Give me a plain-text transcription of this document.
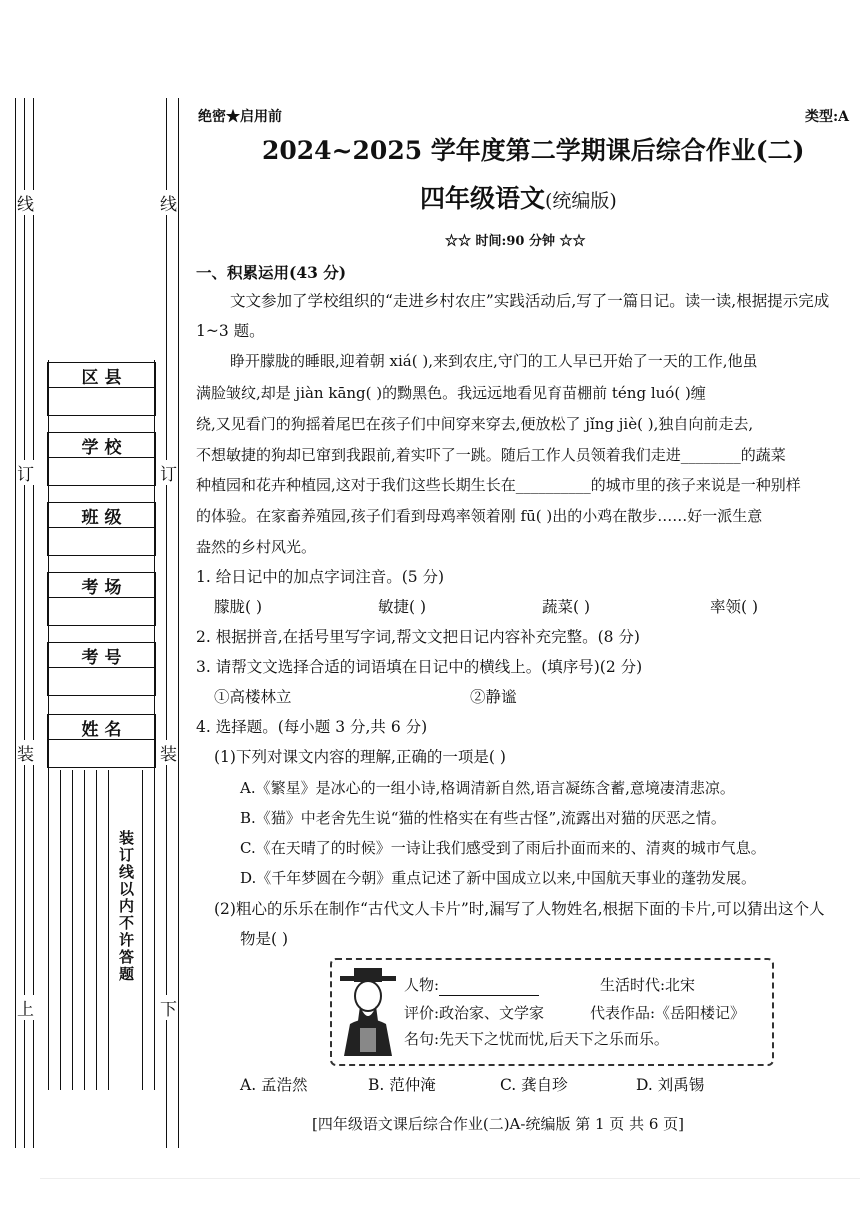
线	线
订	订
装	装
上	下
区 县
学 校
班 级
考 场
考 号
姓 名
装订线以内不许答题
绝密★启用前	类型:A
2024~2025 学年度第二学期课后综合作业(二)
四年级语文(统编版)
☆☆ 时间:90 分钟 ☆☆
一、积累运用(43 分)
文文参加了学校组织的“走进乡村农庄”实践活动后,写了一篇日记。读一读,根据提示完成
1~3 题。
睁开朦胧的睡眼,迎着朝 xiá( ),来到农庄,守门的工人早已开始了一天的工作,他虽
满脸皱纹,却是 jiàn kāng( )的黝黑色。我远远地看见育苗棚前 téng luó( )缠
绕,又见看门的狗摇着尾巴在孩子们中间穿来穿去,便放松了 jǐng jiè( ),独自向前走去,
不想敏捷的狗却已窜到我跟前,着实吓了一跳。随后工作人员领着我们走进________的蔬菜
种植园和花卉种植园,这对于我们这些长期生长在__________的城市里的孩子来说是一种别样
的体验。在家畜养殖园,孩子们看到母鸡率领着刚 fū( )出的小鸡在散步……好一派生意
盎然的乡村风光。
1. 给日记中的加点字词注音。(5 分)
朦胧( )	敏捷( )	蔬菜( )	率领( )
2. 根据拼音,在括号里写字词,帮文文把日记内容补充完整。(8 分)
3. 请帮文文选择合适的词语填在日记中的横线上。(填序号)(2 分)
①高楼林立	②静谧
4. 选择题。(每小题 3 分,共 6 分)
(1)下列对课文内容的理解,正确的一项是( )
A.《繁星》是冰心的一组小诗,格调清新自然,语言凝练含蓄,意境凄清悲凉。
B.《猫》中老舍先生说“猫的性格实在有些古怪”,流露出对猫的厌恶之情。
C.《在天晴了的时候》一诗让我们感受到了雨后扑面而来的、清爽的城市气息。
D.《千年梦圆在今朝》重点记述了新中国成立以来,中国航天事业的蓬勃发展。
(2)粗心的乐乐在制作“古代文人卡片”时,漏写了人物姓名,根据下面的卡片,可以猜出这个人
物是( )
人物:	生活时代:北宋
评价:政治家、文学家	代表作品:《岳阳楼记》
名句:先天下之忧而忧,后天下之乐而乐。
A. 孟浩然	B. 范仲淹	C. 龚自珍	D. 刘禹锡
[四年级语文课后综合作业(二)A-统编版 第 1 页 共 6 页]
